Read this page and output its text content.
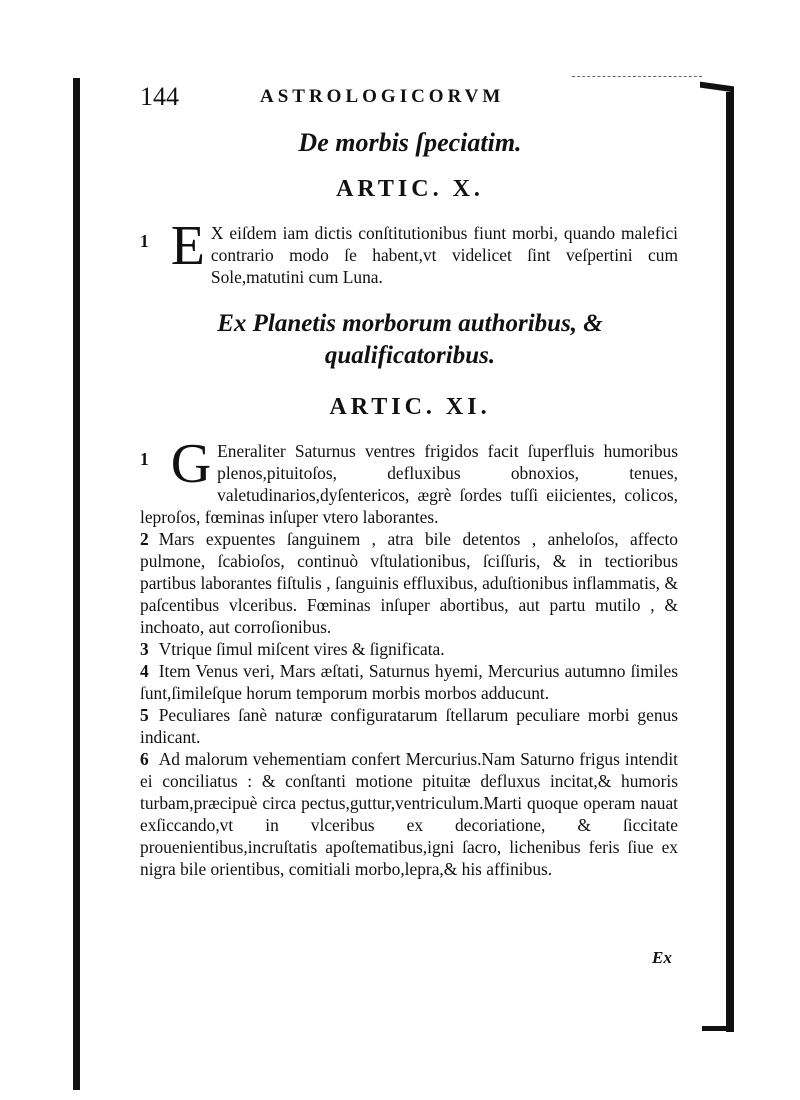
144	ASTROLOGICORVM
De morbis ſpeciatim.
ARTIC. X.
1 E X eiſdem iam dictis conſtitutionibus fiunt morbi, quando malefici contrario modo ſe habent,vt videlicet ſint veſpertini cum Sole,matutini cum Luna.
Ex Planetis morborum authoribus, &
qualificatoribus.
ARTIC. XI.
1 G Eneraliter Saturnus ventres frigidos facit ſuperfluis humoribus plenos,pituitoſos, defluxibus obnoxios, tenues, valetudinarios,dyſentericos, ægrè ſordes tuſſi eiicientes, colicos, leproſos, fœminas inſuper vtero laborantes.
2 Mars expuentes ſanguinem , atra bile detentos , anheloſos, affecto pulmone, ſcabioſos, continuò vſtulationibus, ſciſſuris, & in tectioribus partibus laborantes fiſtulis , ſanguinis effluxibus, aduſtionibus inflammatis, & paſcentibus vlceribus. Fœminas inſuper abortibus, aut partu mutilo , & inchoato, aut corroſionibus.
3 Vtrique ſimul miſcent vires & ſignificata.
4 Item Venus veri, Mars æſtati, Saturnus hyemi, Mercurius autumno ſimiles ſunt,ſimileſque horum temporum morbis morbos adducunt.
5 Peculiares ſanè naturæ configuratarum ſtellarum peculiare morbi genus indicant.
6 Ad malorum vehementiam confert Mercurius.Nam Saturno frigus intendit ei conciliatus : & conſtanti motione pituitæ defluxus incitat,& humoris turbam,præcipuè circa pectus,guttur,ventriculum.Marti quoque operam nauat exſiccando,vt in vlceribus ex decoriatione, & ſiccitate prouenientibus,incruſtatis apoſtematibus,igni ſacro, lichenibus feris ſiue ex nigra bile orientibus, comitiali morbo,lepra,& his affinibus.
Ex
